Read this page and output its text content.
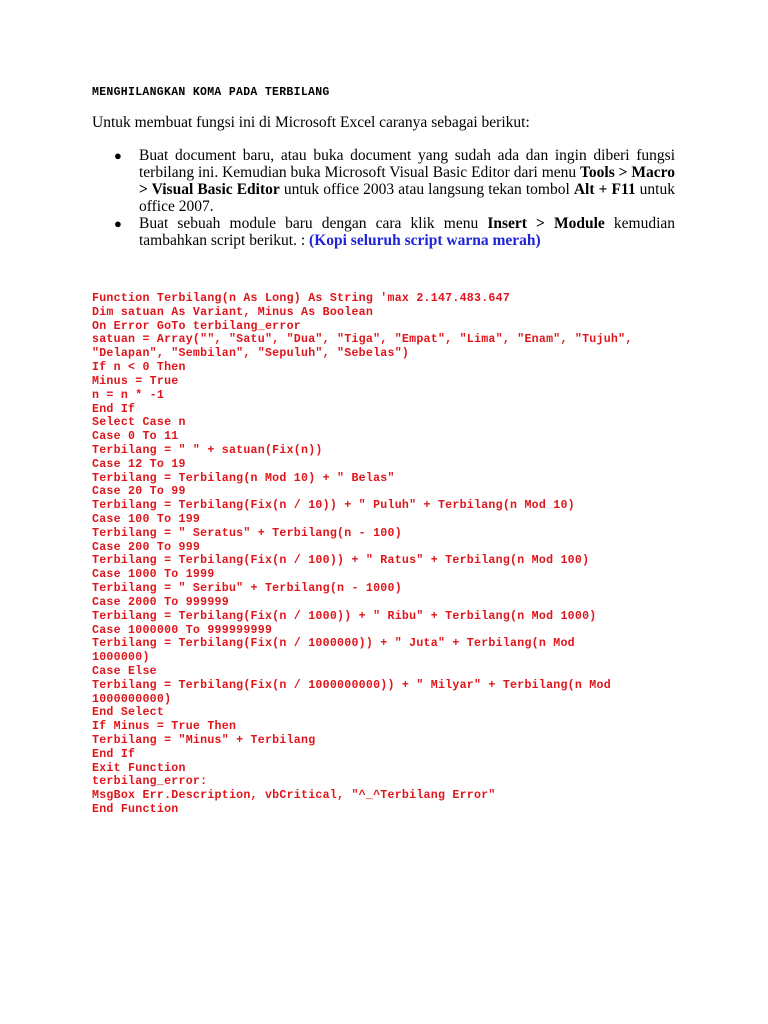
MENGHILANGKAN KOMA PADA TERBILANG
Untuk membuat fungsi ini di Microsoft Excel caranya sebagai berikut:
● Buat document baru, atau buka document yang sudah ada dan ingin diberi fungsi terbilang ini. Kemudian buka Microsoft Visual Basic Editor dari menu Tools > Macro > Visual Basic Editor untuk office 2003 atau langsung tekan tombol Alt + F11 untuk office 2007.
● Buat sebuah module baru dengan cara klik menu Insert > Module kemudian tambahkan script berikut. : (Kopi seluruh script warna merah)
Function Terbilang(n As Long) As String 'max 2.147.483.647
Dim satuan As Variant, Minus As Boolean
On Error GoTo terbilang_error
satuan = Array("", "Satu", "Dua", "Tiga", "Empat", "Lima", "Enam", "Tujuh",
"Delapan", "Sembilan", "Sepuluh", "Sebelas")
If n < 0 Then
Minus = True
n = n * -1
End If
Select Case n
Case 0 To 11
Terbilang = " " + satuan(Fix(n))
Case 12 To 19
Terbilang = Terbilang(n Mod 10) + " Belas"
Case 20 To 99
Terbilang = Terbilang(Fix(n / 10)) + " Puluh" + Terbilang(n Mod 10)
Case 100 To 199
Terbilang = " Seratus" + Terbilang(n - 100)
Case 200 To 999
Terbilang = Terbilang(Fix(n / 100)) + " Ratus" + Terbilang(n Mod 100)
Case 1000 To 1999
Terbilang = " Seribu" + Terbilang(n - 1000)
Case 2000 To 999999
Terbilang = Terbilang(Fix(n / 1000)) + " Ribu" + Terbilang(n Mod 1000)
Case 1000000 To 999999999
Terbilang = Terbilang(Fix(n / 1000000)) + " Juta" + Terbilang(n Mod
1000000)
Case Else
Terbilang = Terbilang(Fix(n / 1000000000)) + " Milyar" + Terbilang(n Mod
1000000000)
End Select
If Minus = True Then
Terbilang = "Minus" + Terbilang
End If
Exit Function
terbilang_error:
MsgBox Err.Description, vbCritical, "^_^Terbilang Error"
End Function
